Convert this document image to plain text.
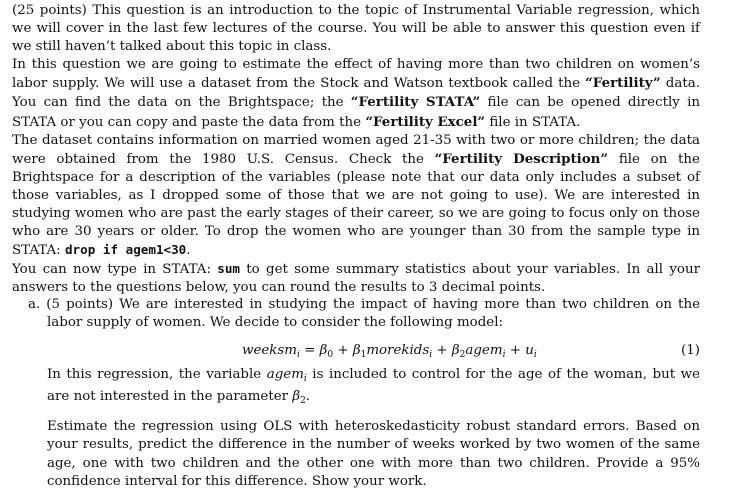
(25 points) This question is an introduction to the topic of Instrumental Variable regression, which we will cover in the last few lectures of the course. You will be able to answer this question even if we still haven’t talked about this topic in class.

In this question we are going to estimate the effect of having more than two children on women’s labor supply. We will use a dataset from the Stock and Watson textbook called the “Fertility” data. You can find the data on the Brightspace; the “Fertility STATA” file can be opened directly in STATA or you can copy and paste the data from the “Fertility Excel” file in STATA.

The dataset contains information on married women aged 21-35 with two or more children; the data were obtained from the 1980 U.S. Census. Check the “Fertility Description” file on the Brightspace for a description of the variables (please note that our data only includes a subset of those variables, as I dropped some of those that we are not going to use). We are interested in studying women who are past the early stages of their career, so we are going to focus only on those who are 30 years or older. To drop the women who are younger than 30 from the sample type in STATA: drop if agem1<30.

You can now type in STATA: sum to get some summary statistics about your variables. In all your answers to the questions below, you can round the results to 3 decimal points.

a. (5 points) We are interested in studying the impact of having more than two children on the labor supply of women. We decide to consider the following model:

weeksm$_i$ = $\beta_0$ + $\beta_1morekids_i$ + $\beta_2agem_i + u_i$	(1)

In this regression, the variable agem$_i$ is included to control for the age of the woman, but we are not interested in the parameter $\beta_2$.

Estimate the regression using OLS with heteroskedasticity robust standard errors. Based on your results, predict the difference in the number of weeks worked by two women of the same age, one with two children and the other one with more than two children. Provide a 95% confidence interval for this difference. Show your work.
